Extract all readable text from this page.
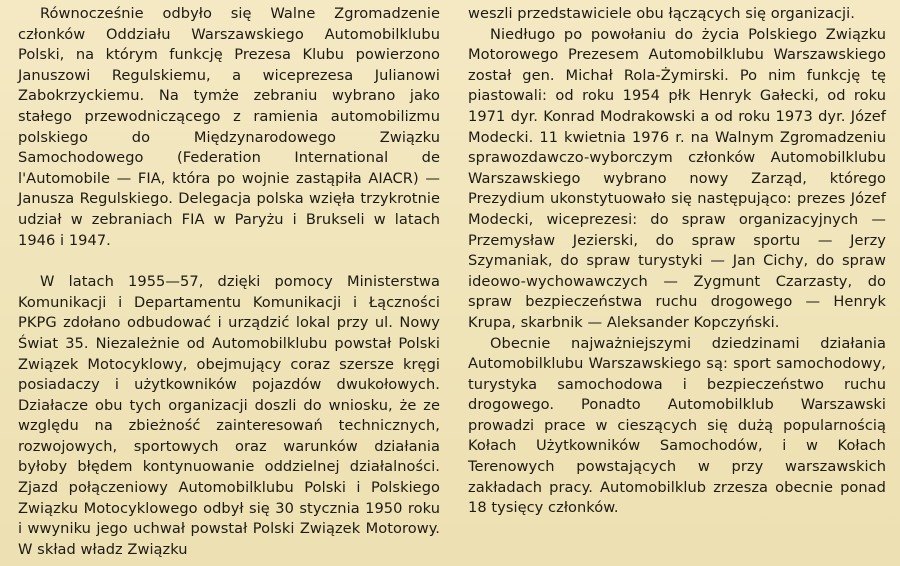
Równocześnie odbyło się Walne Zgromadzenie członków Oddziału Warszawskiego Automobilklubu Polski, na którym funkcję Prezesa Klubu powierzono Januszowi Regulskiemu, a wiceprezesa Julianowi Zabokrzyckiemu. Na tymże zebraniu wybrano jako stałego przewodniczącego z ramienia automobilizmu polskiego do Międzynarodowego Związku Samochodowego (Federation International de l'Automobile — FIA, która po wojnie zastąpiła AIACR) — Janusza Regulskiego. Delegacja polska wzięła trzykrotnie udział w zebraniach FIA w Paryżu i Brukseli w latach 1946 i 1947.

W latach 1955—57, dzięki pomocy Ministerstwa Komunikacji i Departamentu Komunikacji i Łączności PKPG zdołano odbudować i urządzić lokal przy ul. Nowy Świat 35. Niezależnie od Automobilklubu powstał Polski Związek Motocyklowy, obejmujący coraz szersze kręgi posiadaczy i użytkowników pojazdów dwukołowych. Działacze obu tych organizacji doszli do wniosku, że ze względu na zbieżność zainteresowań technicznych, rozwojowych, sportowych oraz warunków działania byłoby błędem kontynuowanie oddzielnej działalności. Zjazd połączeniowy Automobilklubu Polski i Polskiego Związku Motocyklowego odbył się 30 stycznia 1950 roku i wwyniku jego uchwał powstał Polski Związek Motorowy. W skład władz Związku

weszli przedstawiciele obu łączących się organizacji.

Niedługo po powołaniu do życia Polskiego Związku Motorowego Prezesem Automobilklubu Warszawskiego został gen. Michał Rola-Żymirski. Po nim funkcję tę piastowali: od roku 1954 płk Henryk Gałecki, od roku 1971 dyr. Konrad Modrakowski a od roku 1973 dyr. Józef Modecki. 11 kwietnia 1976 r. na Walnym Zgromadzeniu sprawozdawczo-wyborczym członków Automobilklubu Warszawskiego wybrano nowy Zarząd, którego Prezydium ukonstytuowało się następująco: prezes Józef Modecki, wiceprezesi: do spraw organizacyjnych — Przemysław Jezierski, do spraw sportu — Jerzy Szymaniak, do spraw turystyki — Jan Cichy, do spraw ideowo-wychowawczych — Zygmunt Czarzasty, do spraw bezpieczeństwa ruchu drogowego — Henryk Krupa, skarbnik — Aleksander Kopczyński.

Obecnie najważniejszymi dziedzinami działania Automobilklubu Warszawskiego są: sport samochodowy, turystyka samochodowa i bezpieczeństwo ruchu drogowego. Ponadto Automobilklub Warszawski prowadzi prace w cieszących się dużą popularnością Kołach Użytkowników Samochodów, i w Kołach Terenowych powstających w przy warszawskich zakładach pracy. Automobilklub zrzesza obecnie ponad 18 tysięcy członków.
